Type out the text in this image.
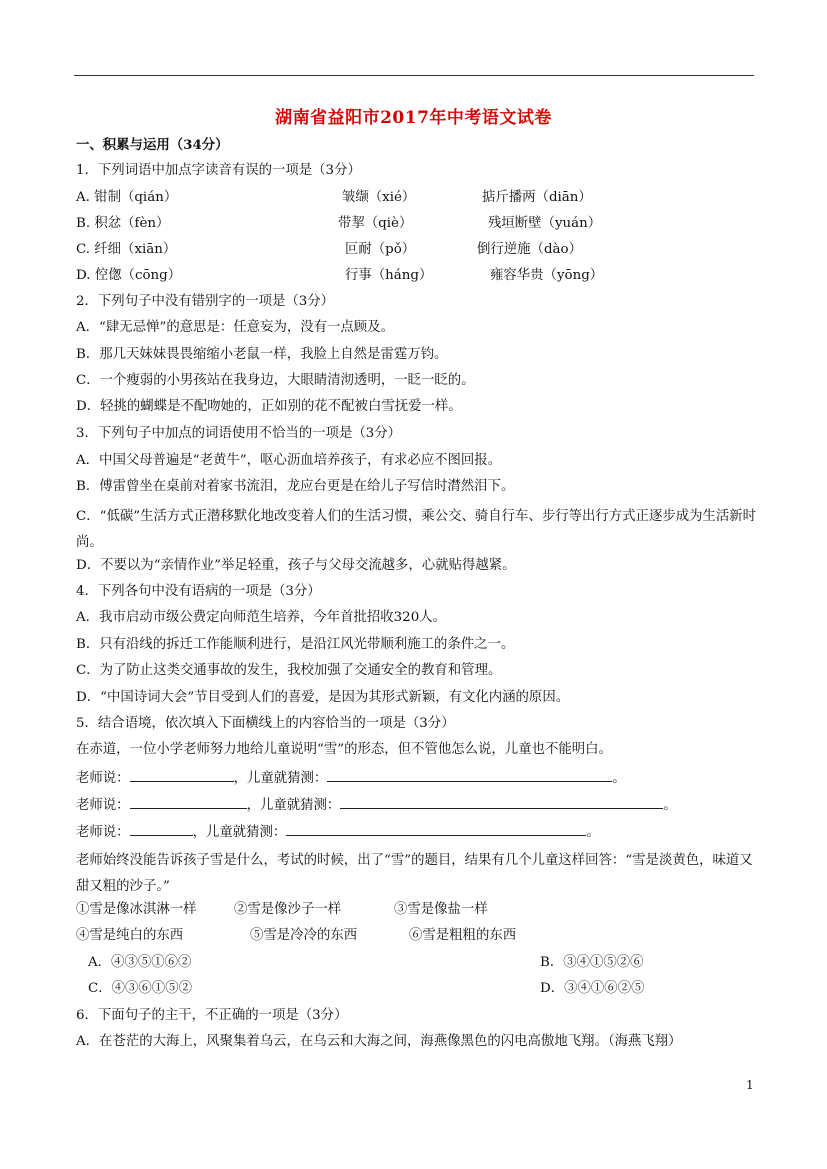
湖南省益阳市2017年中考语文试卷
一、积累与运用（34分）
1．下列词语中加点字读音有误的一项是（3分）
A. 钳制（qián）	皱缬（xié）	掂斤播两（diān）
B. 积忿（fèn）	带挈（qiè）	残垣断壁（yuán）
C. 纤细（xiān）	叵耐（pǒ）	倒行逆施（dào）
D. 倥偬（cōng）	行事（háng）	雍容华贵（yōng）
2．下列句子中没有错别字的一项是（3分）
A．“肆无忌惮”的意思是：任意妄为，没有一点顾及。
B．那几天妹妹畏畏缩缩小老鼠一样，我脸上自然是雷霆万钧。
C．一个瘦弱的小男孩站在我身边，大眼睛清沏透明，一眨一眨的。
D．轻挑的蝴蝶是不配吻她的，正如别的花不配被白雪抚爱一样。
3．下列句子中加点的词语使用不恰当的一项是（3分）
A．中国父母普遍是“老黄牛”，呕心沥血培养孩子，有求必应不图回报。
B．傅雷曾坐在桌前对着家书流泪，龙应台更是在给儿子写信时潸然泪下。
C．“低碳”生活方式正潜移默化地改变着人们的生活习惯，乘公交、骑自行车、步行等出行方式正逐步成为生活新时尚。
D．不要以为“亲情作业”举足轻重，孩子与父母交流越多，心就贴得越紧。
4．下列各句中没有语病的一项是（3分）
A．我市启动市级公费定向师范生培养，今年首批招收320人。
B．只有沿线的拆迁工作能顺利进行，是沿江风光带顺利施工的条件之一。
C．为了防止这类交通事故的发生，我校加强了交通安全的教育和管理。
D．“中国诗词大会”节目受到人们的喜爱，是因为其形式新颖，有文化内涵的原因。
5．结合语境，依次填入下面横线上的内容恰当的一项是（3分）
在赤道，一位小学老师努力地给儿童说明“雪”的形态，但不管他怎么说，儿童也不能明白。
老师说：	，儿童就猜测：	。
老师说：	，儿童就猜测：	。
老师说：	，儿童就猜测：	。
老师始终没能告诉孩子雪是什么，考试的时候，出了“雪”的题目，结果有几个儿童这样回答：“雪是淡黄色，味道又甜又粗的沙子。”
①雪是像冰淇淋一样	②雪是像沙子一样	③雪是像盐一样
④雪是纯白的东西	⑤雪是冷冷的东西	⑥雪是粗粗的东西
A．④③⑤①⑥②	B．③④①⑤②⑥
C．④③⑥①⑤②	D．③④①⑥②⑤
6．下面句子的主干，不正确的一项是（3分）
A．在苍茫的大海上，风聚集着乌云，在乌云和大海之间，海燕像黑色的闪电高傲地飞翔。（海燕飞翔）
1
